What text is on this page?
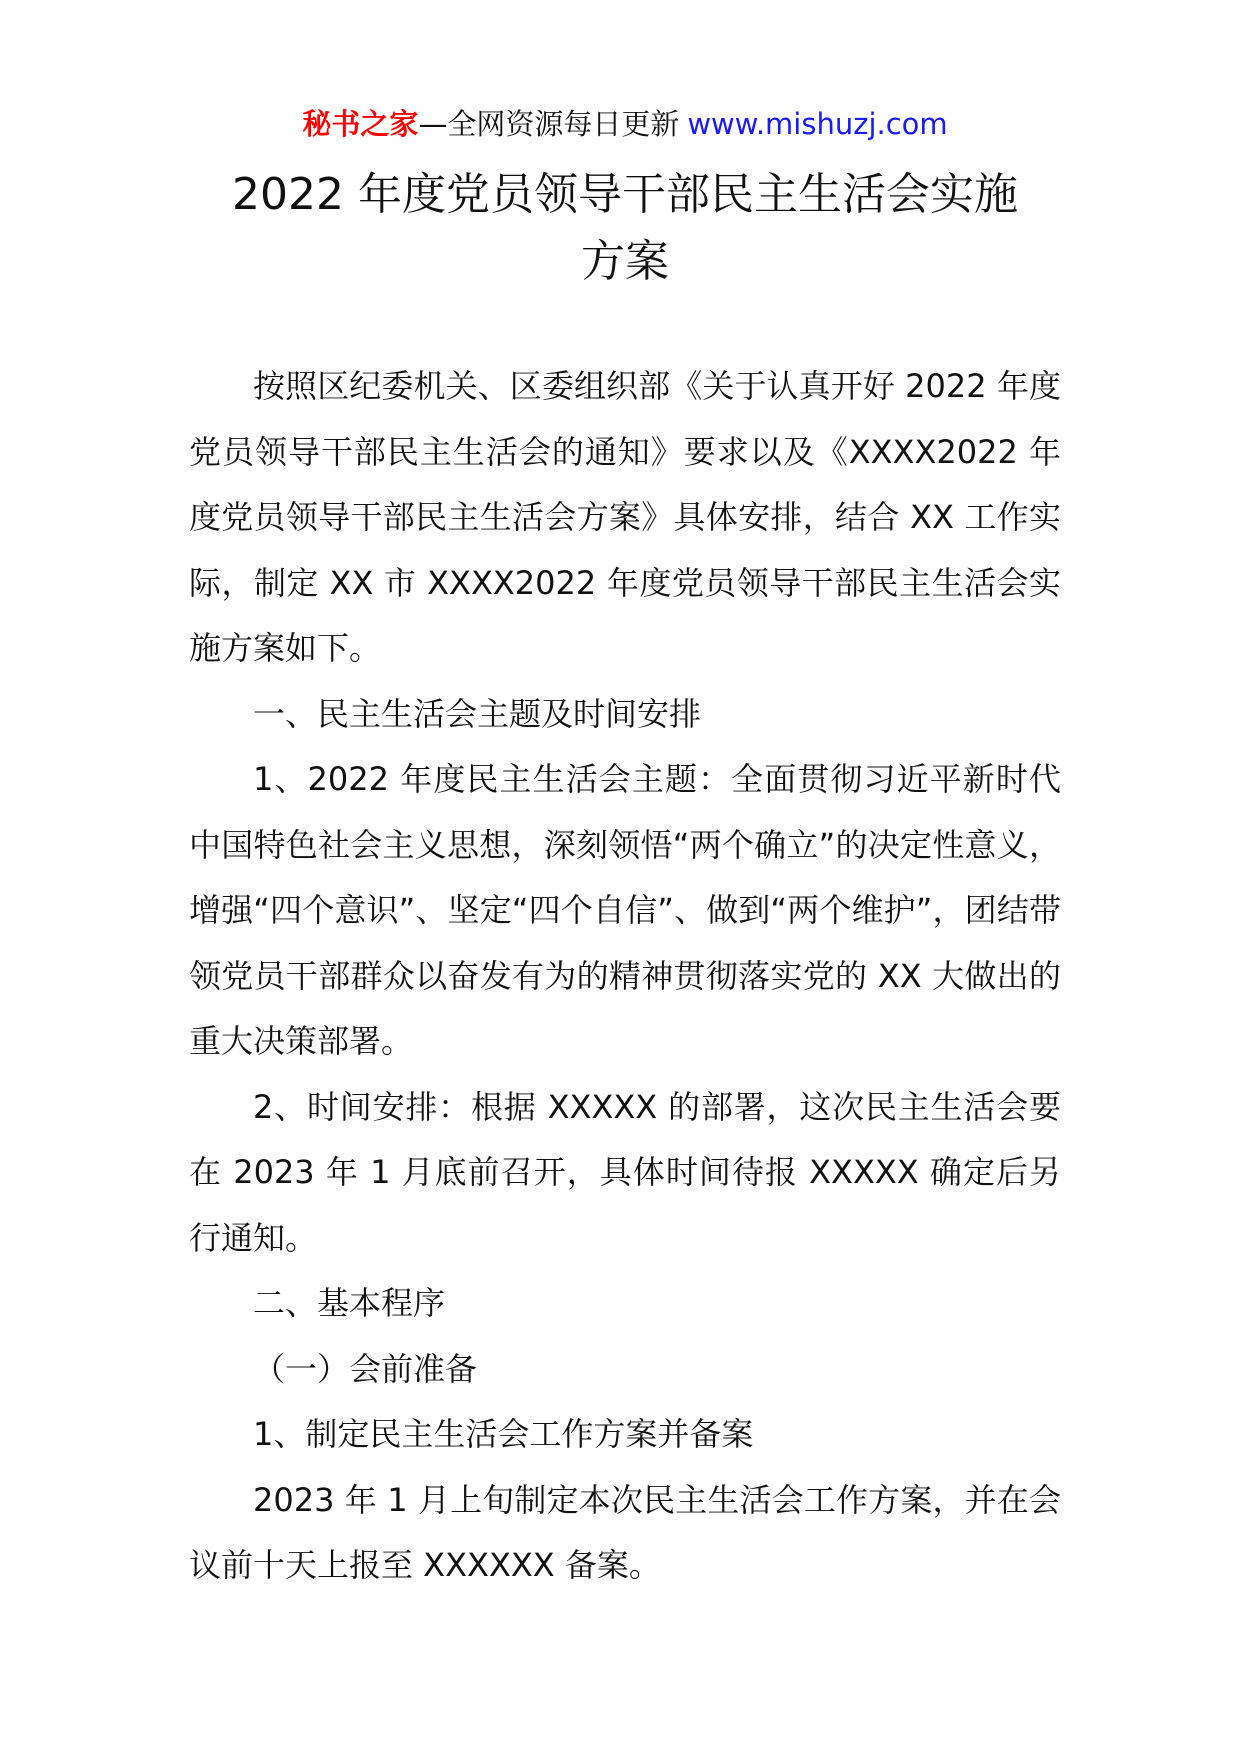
秘书之家—全网资源每日更新 www.mishuzj.com
2022 年度党员领导干部民主生活会实施
方案

按照区纪委机关、区委组织部《关于认真开好 2022 年度党员领导干部民主生活会的通知》要求以及《XXXX2022 年度党员领导干部民主生活会方案》具体安排，结合 XX 工作实际，制定 XX 市 XXXX2022 年度党员领导干部民主生活会实施方案如下。

一、民主生活会主题及时间安排

1、2022 年度民主生活会主题：全面贯彻习近平新时代中国特色社会主义思想，深刻领悟“两个确立”的决定性意义，增强“四个意识”、坚定“四个自信”、做到“两个维护”，团结带领党员干部群众以奋发有为的精神贯彻落实党的 XX 大做出的重大决策部署。

2、时间安排：根据 XXXXX 的部署，这次民主生活会要在 2023 年 1 月底前召开，具体时间待报 XXXXX 确定后另行通知。

二、基本程序

（一）会前准备

1、制定民主生活会工作方案并备案

2023 年 1 月上旬制定本次民主生活会工作方案，并在会议前十天上报至 XXXXXX 备案。
